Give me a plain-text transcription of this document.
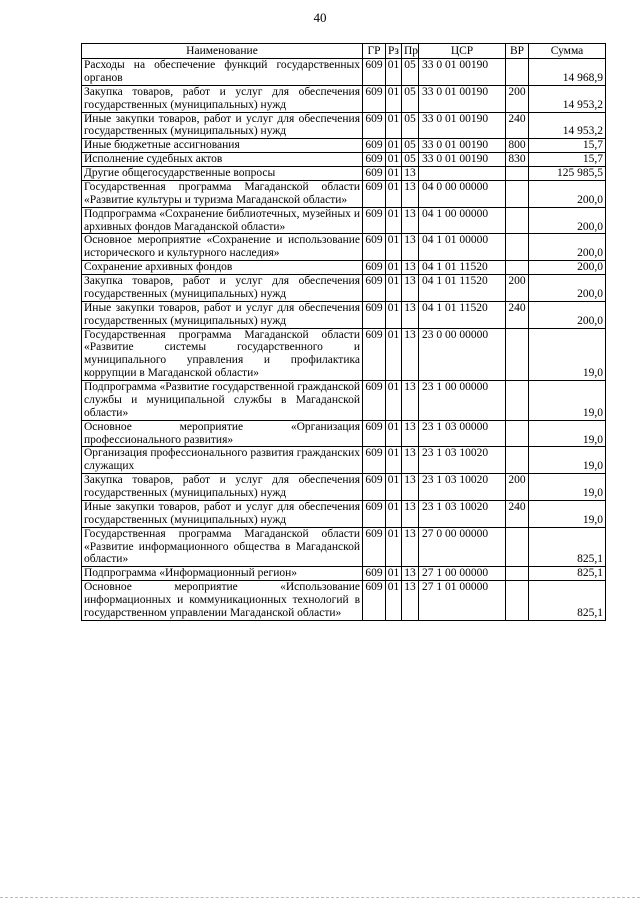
40
Наименование	ГР	Рз	Пр	ЦСР	ВР	Сумма
Расходы на обеспечение функций государственных органов	609	01	05	33 0 01 00190		14 968,9
Закупка товаров, работ и услуг для обеспечения государственных (муниципальных) нужд	609	01	05	33 0 01 00190	200	14 953,2
Иные закупки товаров, работ и услуг для обеспечения государственных (муниципальных) нужд	609	01	05	33 0 01 00190	240	14 953,2
Иные бюджетные ассигнования	609	01	05	33 0 01 00190	800	15,7
Исполнение судебных актов	609	01	05	33 0 01 00190	830	15,7
Другие общегосударственные вопросы	609	01	13			125 985,5
Государственная программа Магаданской области «Развитие культуры и туризма Магаданской области»	609	01	13	04 0 00 00000		200,0
Подпрограмма «Сохранение библиотечных, музейных и архивных фондов Магаданской области»	609	01	13	04 1 00 00000		200,0
Основное мероприятие «Сохранение и использование исторического и культурного наследия»	609	01	13	04 1 01 00000		200,0
Сохранение архивных фондов	609	01	13	04 1 01 11520		200,0
Закупка товаров, работ и услуг для обеспечения государственных (муниципальных) нужд	609	01	13	04 1 01 11520	200	200,0
Иные закупки товаров, работ и услуг для обеспечения государственных (муниципальных) нужд	609	01	13	04 1 01 11520	240	200,0
Государственная программа Магаданской области «Развитие системы государственного и муниципального управления и профилактика коррупции в Магаданской области»	609	01	13	23 0 00 00000		19,0
Подпрограмма «Развитие государственной гражданской службы и муниципальной службы в Магаданской области»	609	01	13	23 1 00 00000		19,0
Основное мероприятие «Организация профессионального развития»	609	01	13	23 1 03 00000		19,0
Организация профессионального развития гражданских служащих	609	01	13	23 1 03 10020		19,0
Закупка товаров, работ и услуг для обеспечения государственных (муниципальных) нужд	609	01	13	23 1 03 10020	200	19,0
Иные закупки товаров, работ и услуг для обеспечения государственных (муниципальных) нужд	609	01	13	23 1 03 10020	240	19,0
Государственная программа Магаданской области «Развитие информационного общества в Магаданской области»	609	01	13	27 0 00 00000		825,1
Подпрограмма «Информационный регион»	609	01	13	27 1 00 00000		825,1
Основное мероприятие «Использование информационных и коммуникационных технологий в государственном управлении Магаданской области»	609	01	13	27 1 01 00000		825,1
